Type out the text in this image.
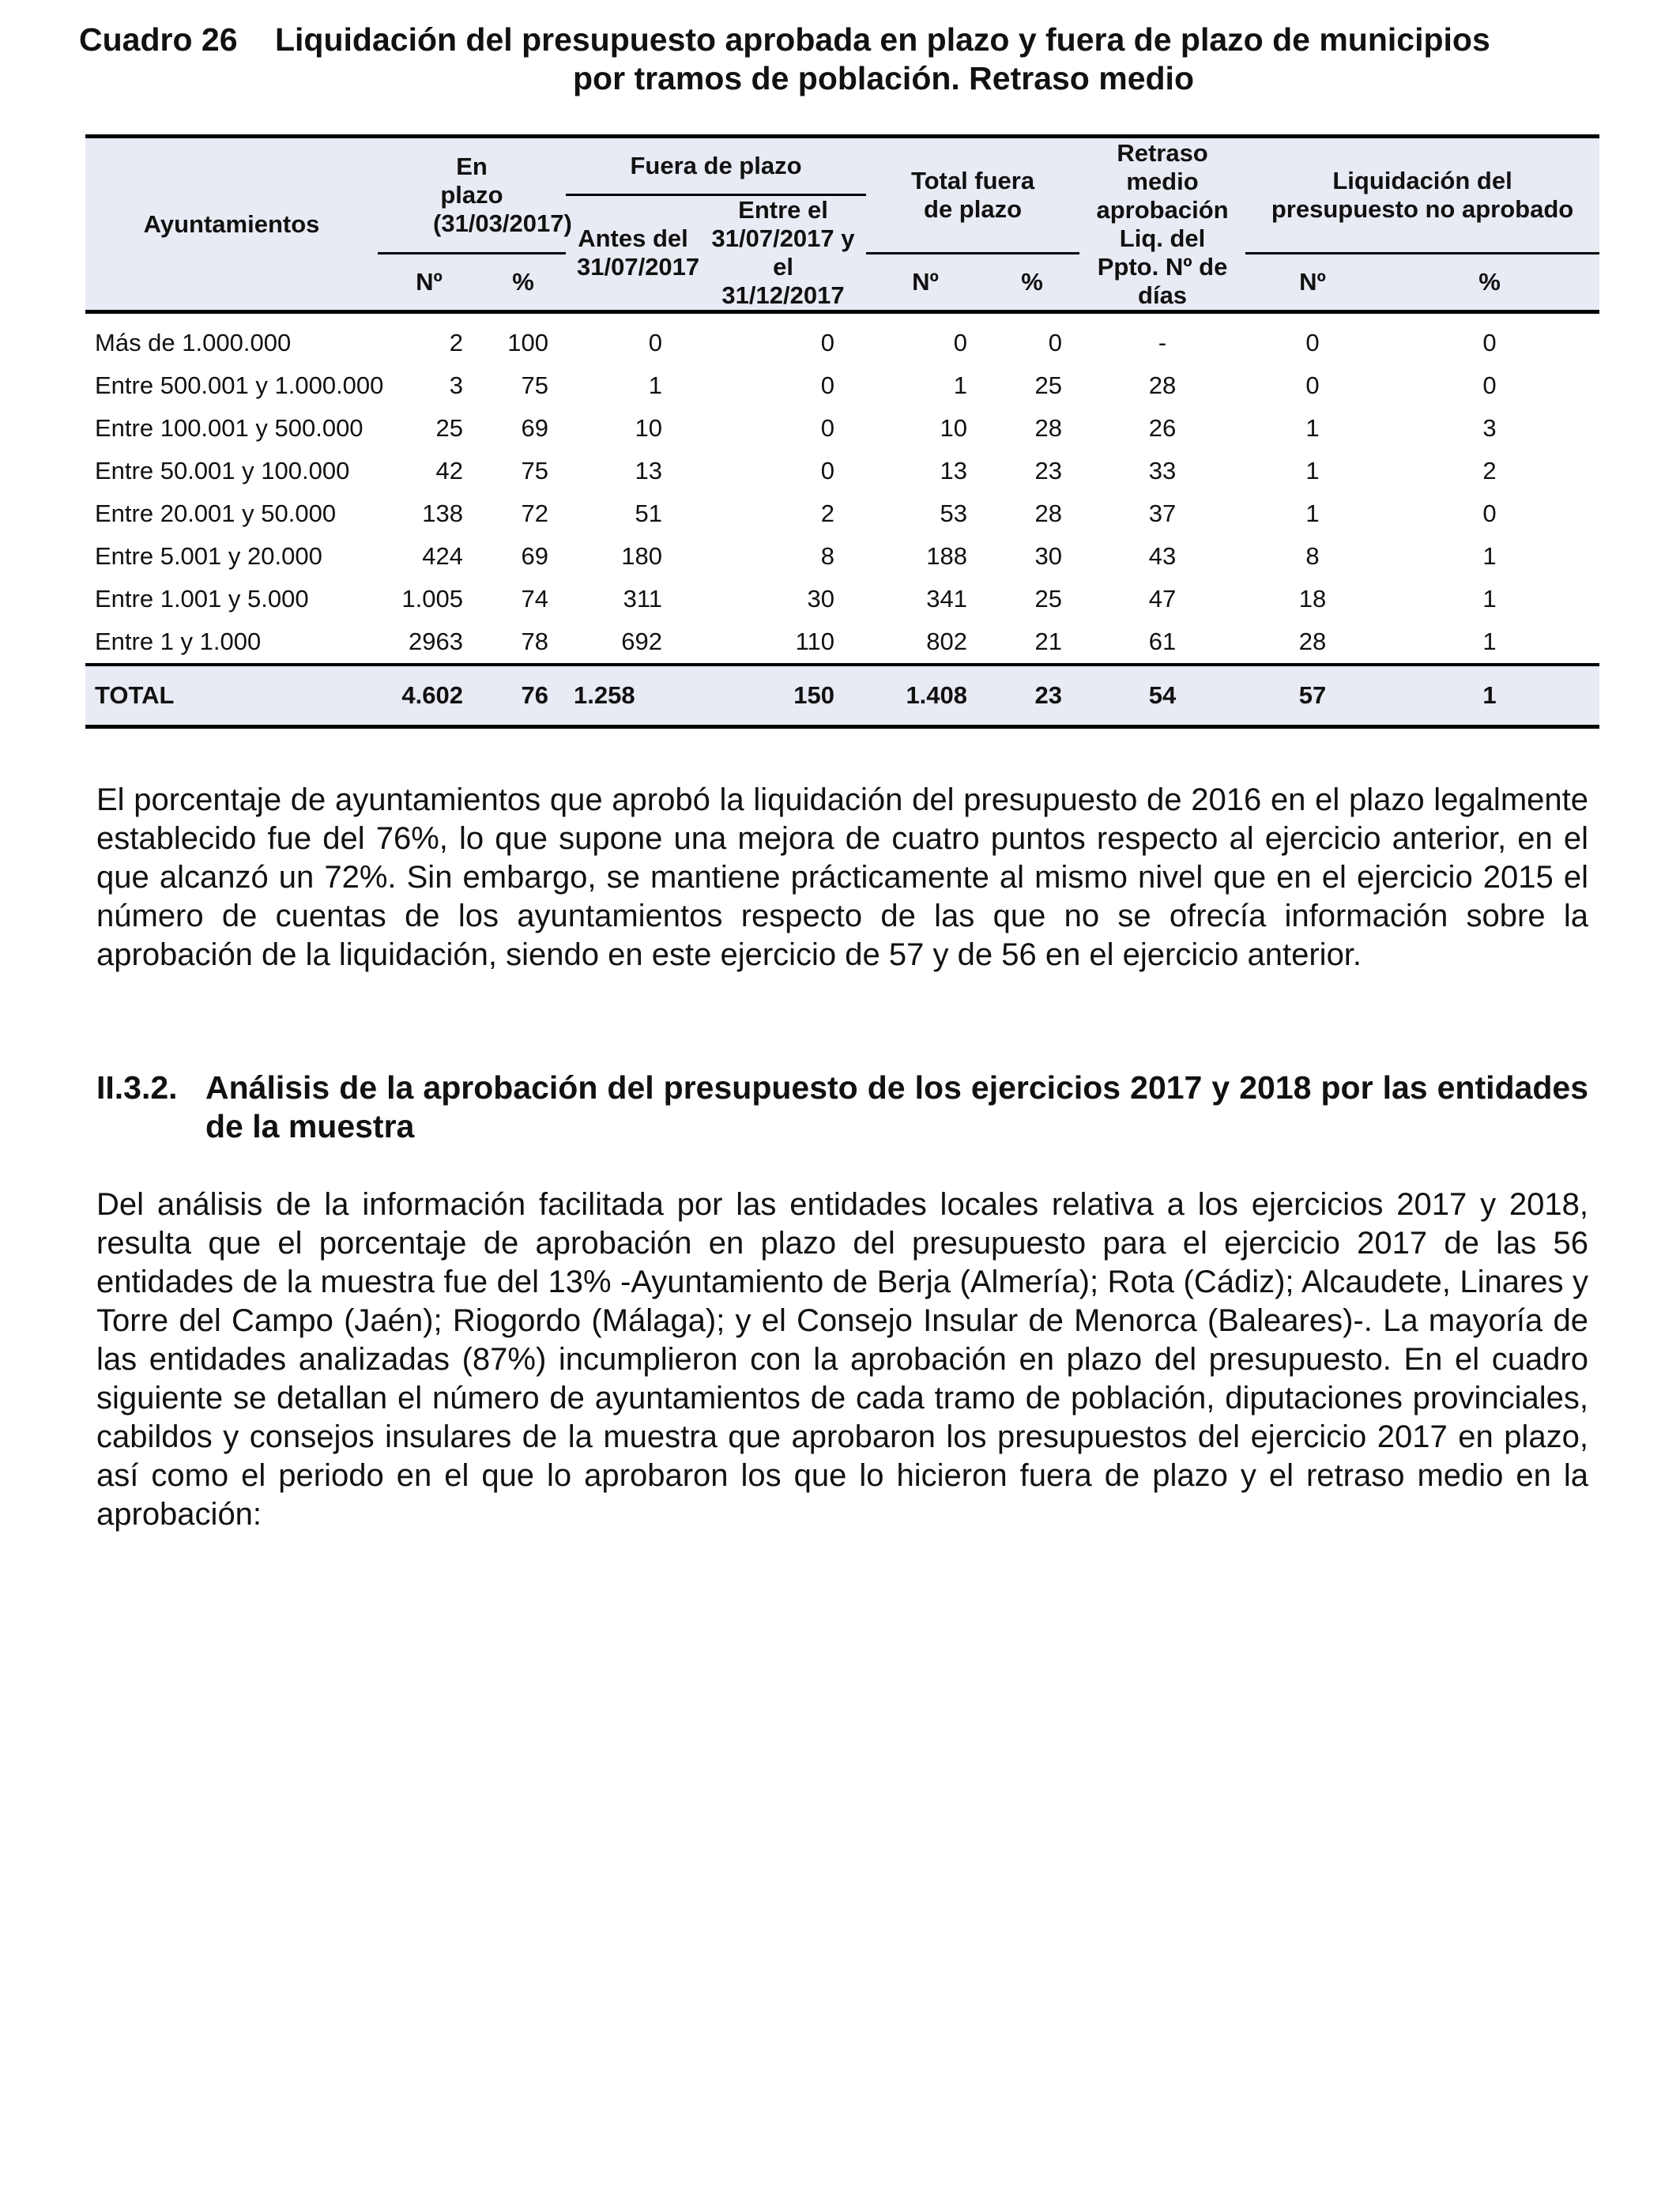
Cuadro 26 Liquidación del presupuesto aprobada en plazo y fuera de plazo de municipios
por tramos de población. Retraso medio
Ayuntamientos	En plazo (31/03/2017)		Fuera de plazo		Total fuera de plazo		Retraso medio aprobación Liq. del Ppto. Nº de días	Liquidación del presupuesto no aprobado	
			Antes del 31/07/2017	Entre el 31/07/2017 y el 31/12/2017					
	Nº	%			Nº	%		Nº	%
Más de 1.000.000	2	100	0	0	0	0	-	0	0
Entre 500.001 y 1.000.000	3	75	1	0	1	25	28	0	0
Entre 100.001 y 500.000	25	69	10	0	10	28	26	1	3
Entre 50.001 y 100.000	42	75	13	0	13	23	33	1	2
Entre 20.001 y 50.000	138	72	51	2	53	28	37	1	0
Entre 5.001 y 20.000	424	69	180	8	188	30	43	8	1
Entre 1.001 y 5.000	1.005	74	311	30	341	25	47	18	1
Entre 1 y 1.000	2963	78	692	110	802	21	61	28	1
TOTAL	4.602	76	1.258	150	1.408	23	54	57	1

El porcentaje de ayuntamientos que aprobó la liquidación del presupuesto de 2016 en el plazo legalmente establecido fue del 76%, lo que supone una mejora de cuatro puntos respecto al ejercicio anterior, en el que alcanzó un 72%. Sin embargo, se mantiene prácticamente al mismo nivel que en el ejercicio 2015 el número de cuentas de los ayuntamientos respecto de las que no se ofrecía información sobre la aprobación de la liquidación, siendo en este ejercicio de 57 y de 56 en el ejercicio anterior.

II.3.2. Análisis de la aprobación del presupuesto de los ejercicios 2017 y 2018 por las entidades de la muestra

Del análisis de la información facilitada por las entidades locales relativa a los ejercicios 2017 y 2018, resulta que el porcentaje de aprobación en plazo del presupuesto para el ejercicio 2017 de las 56 entidades de la muestra fue del 13% -Ayuntamiento de Berja (Almería); Rota (Cádiz); Alcaudete, Linares y Torre del Campo (Jaén); Riogordo (Málaga); y el Consejo Insular de Menorca (Baleares)-. La mayoría de las entidades analizadas (87%) incumplieron con la aprobación en plazo del presupuesto. En el cuadro siguiente se detallan el número de ayuntamientos de cada tramo de población, diputaciones provinciales, cabildos y consejos insulares de la muestra que aprobaron los presupuestos del ejercicio 2017 en plazo, así como el periodo en el que lo aprobaron los que lo hicieron fuera de plazo y el retraso medio en la aprobación:
